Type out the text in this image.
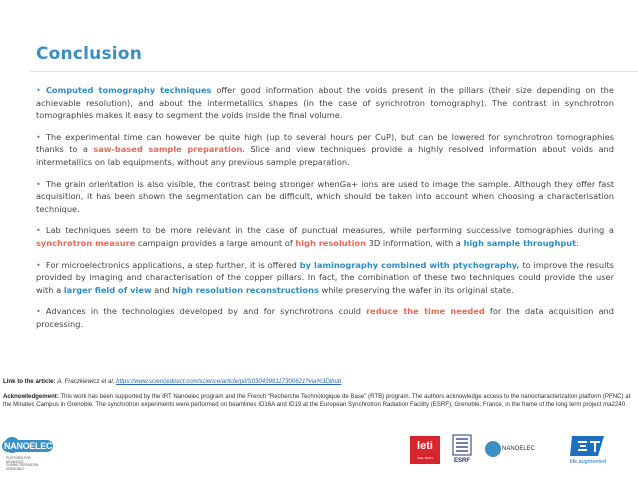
Conclusion

• Computed tomography techniques offer good information about the voids present in the pillars (their size depending on the achievable resolution), and about the intermetallics shapes (in the case of synchrotron tomography). The contrast in synchrotron tomographies makes it easy to segment the voids inside the final volume.

• The experimental time can however be quite high (up to several hours per CuP), but can be lowered for synchrotron tomographies thanks to a saw-based sample preparation. Slice and view techniques provide a highly resolved information about voids and intermetallics on lab equipments, without any previous sample preparation.

• The grain orientation is also visible, the contrast being stronger whenGa+ ions are used to image the sample. Although they offer fast acquisition, it has been shown the segmentation can be difficult, which should be taken into account when choosing a characterisation technique.

• Lab techniques seem to be more relevant in the case of punctual measures, while performing successive tomographies during a synchrotron measure campaign provides a large amount of high resolution 3D information, with a high sample throughput.

• For microelectronics applications, a step further, it is offered by laminography combined with ptychography, to improve the results provided by imaging and characterisation of the copper pillars. In fact, the combination of these two techniques could provide the user with a larger field of view and high resolution reconstructions while preserving the wafer in its original state.

• Advances in the technologies developed by and for synchrotrons could reduce the time needed for the data acquisition and processing.

Link to the article: A. Fraczkiewicz et al. https://www.sciencedirect.com/science/article/pii/S0304399117300621?via%3Dihub
Acknowledgement: This work has been supported by the IRT Nanoelec program and the French “Recherche Technologique de Base” (RTB) program. The authors acknowledge access to the nanocharacterization platform (PFNC) at the Minatec Campus in Grenoble. The synchrotron experiments were performed on beamlines ID16A and ID19 at the European Synchrotron Radiation Facility (ESRF), Grenoble, France, in the frame of the long term project ma2240.
NANOELEC
PLATFORM FOR ADVANCED CHARACTERISATION GRENOBLE
leti
CEA-TECH	ESRF
NANOELEC
life.augmented
